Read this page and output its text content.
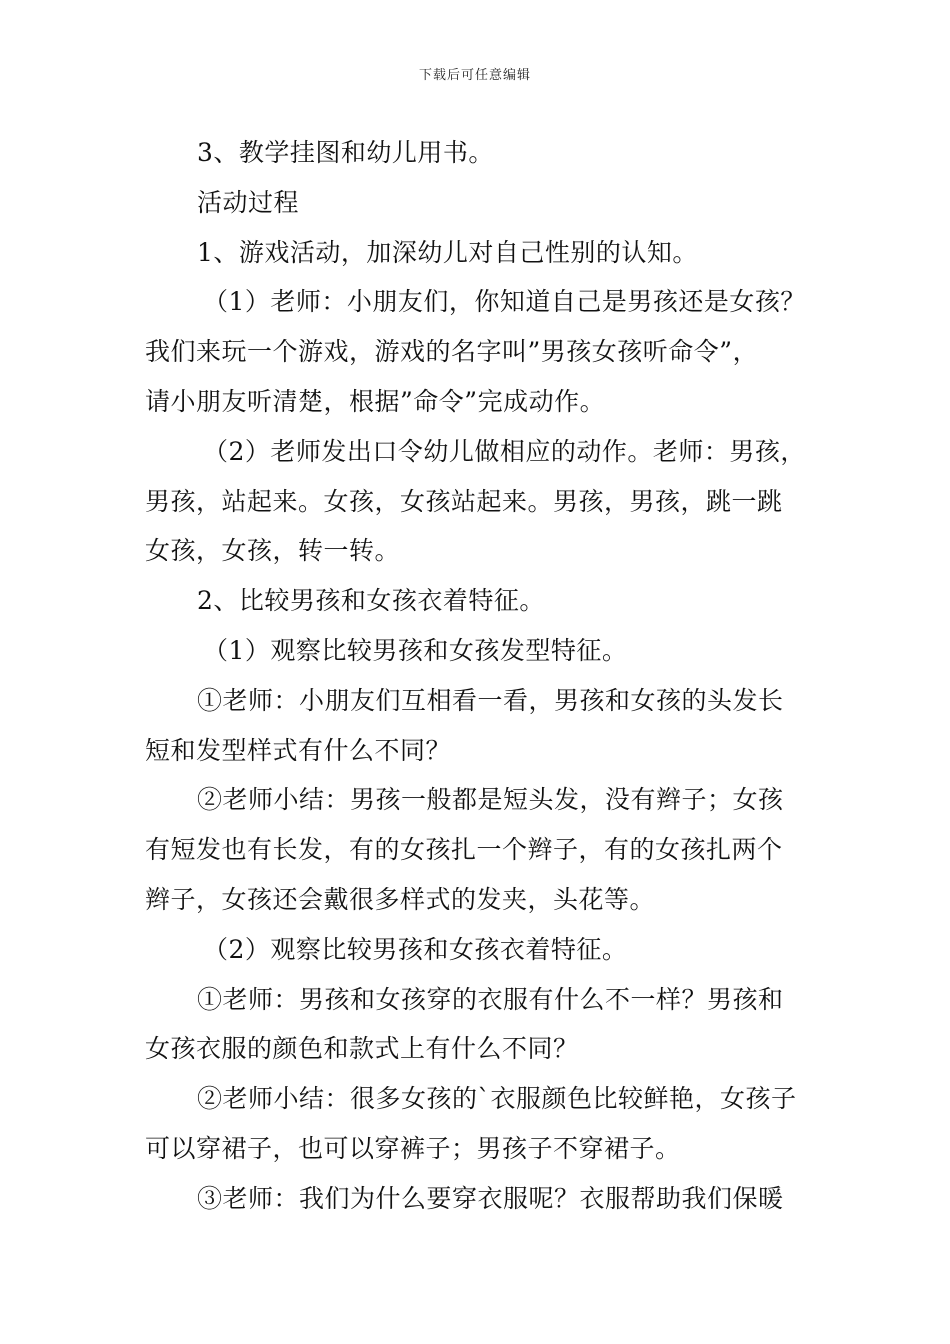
下载后可任意编辑
3、教学挂图和幼儿用书。
活动过程
1、游戏活动，加深幼儿对自己性别的认知。
（1）老师：小朋友们，你知道自己是男孩还是女孩？
我们来玩一个游戏，游戏的名字叫”男孩女孩听命令”，
请小朋友听清楚，根据”命令”完成动作。
（2）老师发出口令幼儿做相应的动作。老师：男孩，
男孩，站起来。女孩，女孩站起来。男孩，男孩，跳一跳
女孩，女孩，转一转。
2、比较男孩和女孩衣着特征。
（1）观察比较男孩和女孩发型特征。
①老师：小朋友们互相看一看，男孩和女孩的头发长
短和发型样式有什么不同？
②老师小结：男孩一般都是短头发，没有辫子；女孩
有短发也有长发，有的女孩扎一个辫子，有的女孩扎两个
辫子，女孩还会戴很多样式的发夹，头花等。
（2）观察比较男孩和女孩衣着特征。
①老师：男孩和女孩穿的衣服有什么不一样？男孩和
女孩衣服的颜色和款式上有什么不同？
②老师小结：很多女孩的`衣服颜色比较鲜艳，女孩子
可以穿裙子，也可以穿裤子；男孩子不穿裙子。
③老师：我们为什么要穿衣服呢？衣服帮助我们保暖
